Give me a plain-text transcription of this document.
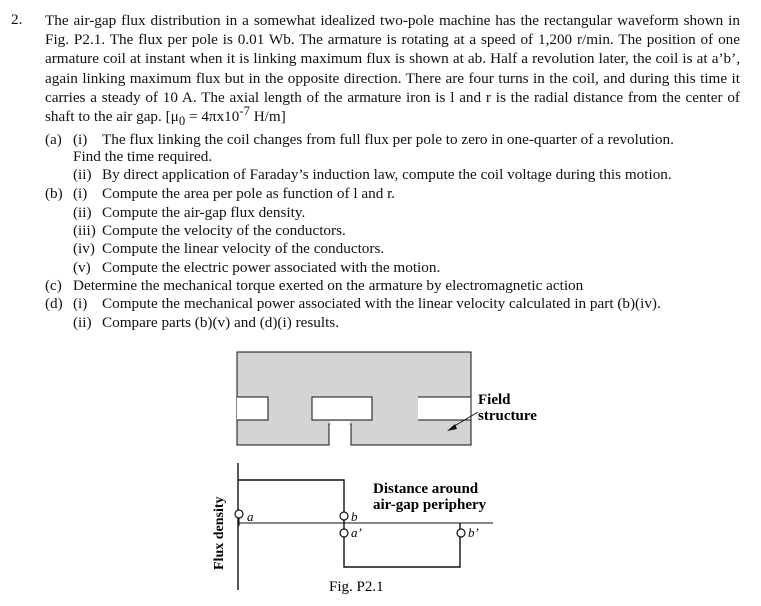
2. The air-gap flux distribution in a somewhat idealized two-pole machine has the rectangular waveform shown in Fig. P2.1. The flux per pole is 0.01 Wb. The armature is rotating at a speed of 1,200 r/min. The position of one armature coil at instant when it is linking maximum flux is shown at ab. Half a revolution later, the coil is at a’b’, again linking maximum flux but in the opposite direction. There are four turns in the coil, and during this time it carries a steady of 10 A. The axial length of the armature iron is l and r is the radial distance from the center of shaft to the air gap. [$\mu_0 = 4\pi x10^{-7}$ H/m]
(a) (i) The flux linking the coil changes from full flux per pole to zero in one-quarter of a revolution.
Find the time required.
(ii) By direct application of Faraday’s induction law, compute the coil voltage during this motion.
(b) (i) Compute the area per pole as function of l and r.
(ii) Compute the air-gap flux density.
(iii) Compute the velocity of the conductors.
(iv) Compute the linear velocity of the conductors.
(v) Compute the electric power associated with the motion.
(c) Determine the mechanical torque exerted on the armature by electromagnetic action
(d) (i) Compute the mechanical power associated with the linear velocity calculated in part (b)(iv).
(ii) Compare parts (b)(v) and (d)(i) results.
Field
structure
Flux density
Distance around
air-gap periphery
a	b
a’	b’
Fig. P2.1
